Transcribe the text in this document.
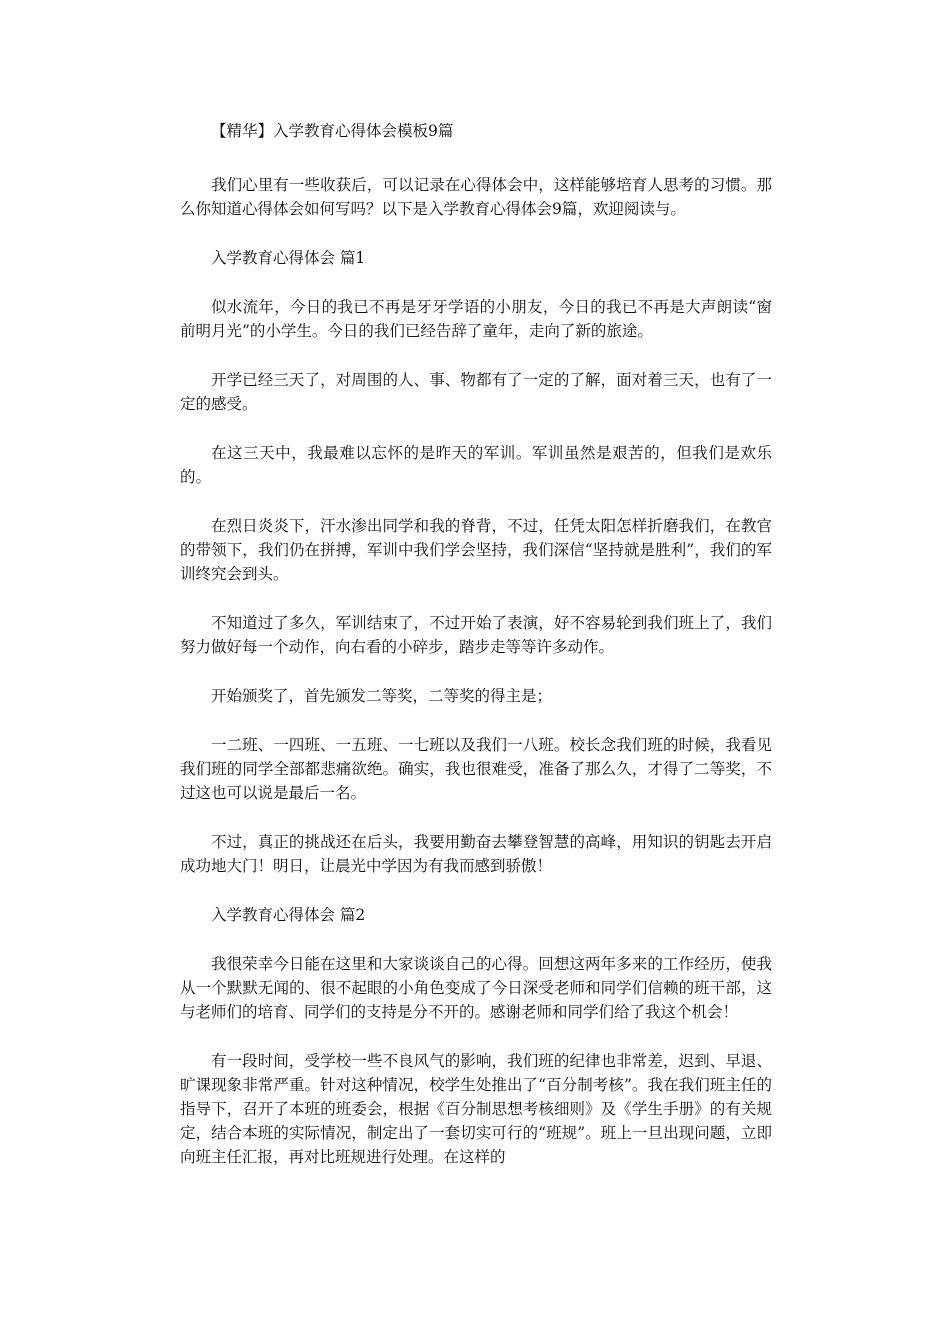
【精华】入学教育心得体会模板9篇

我们心里有一些收获后，可以记录在心得体会中，这样能够培育人思考的习惯。那么你知道心得体会如何写吗？以下是入学教育心得体会9篇，欢迎阅读与。

入学教育心得体会 篇1

似水流年，今日的我已不再是牙牙学语的小朋友，今日的我已不再是大声朗读“窗前明月光”的小学生。今日的我们已经告辞了童年，走向了新的旅途。

开学已经三天了，对周围的人、事、物都有了一定的了解，面对着三天，也有了一定的感受。

在这三天中，我最难以忘怀的是昨天的军训。军训虽然是艰苦的，但我们是欢乐的。

在烈日炎炎下，汗水渗出同学和我的脊背，不过，任凭太阳怎样折磨我们，在教官的带领下，我们仍在拼搏，军训中我们学会坚持，我们深信“坚持就是胜利”，我们的军训终究会到头。

不知道过了多久，军训结束了，不过开始了表演，好不容易轮到我们班上了，我们努力做好每一个动作，向右看的小碎步，踏步走等等许多动作。

开始颁奖了，首先颁发二等奖，二等奖的得主是；

一二班、一四班、一五班、一七班以及我们一八班。校长念我们班的时候，我看见我们班的同学全部都悲痛欲绝。确实，我也很难受，准备了那么久，才得了二等奖，不过这也可以说是最后一名。

不过，真正的挑战还在后头，我要用勤奋去攀登智慧的高峰，用知识的钥匙去开启成功地大门！明日，让晨光中学因为有我而感到骄傲！

入学教育心得体会 篇2

我很荣幸今日能在这里和大家谈谈自己的心得。回想这两年多来的工作经历，使我从一个默默无闻的、很不起眼的小角色变成了今日深受老师和同学们信赖的班干部，这与老师们的培育、同学们的支持是分不开的。感谢老师和同学们给了我这个机会！

有一段时间，受学校一些不良风气的影响，我们班的纪律也非常差，迟到、早退、旷课现象非常严重。针对这种情况，校学生处推出了“百分制考核”。我在我们班主任的指导下，召开了本班的班委会，根据《百分制思想考核细则》及《学生手册》的有关规定，结合本班的实际情况，制定出了一套切实可行的“班规”。班上一旦出现问题，立即向班主任汇报，再对比班规进行处理。在这样的
